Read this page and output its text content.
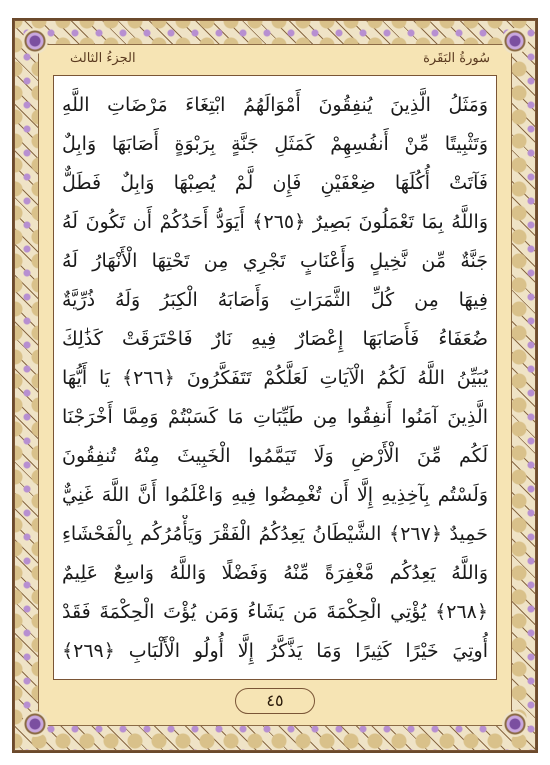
الجزءُ الثالث	سُورةُ البَقَرة
وَمَثَلُ الَّذِينَ يُنفِقُونَ أَمْوَالَهُمُ ابْتِغَاءَ مَرْضَاتِ اللَّهِ
وَتَثْبِيتًا مِّنْ أَنفُسِهِمْ كَمَثَلِ جَنَّةٍ بِرَبْوَةٍ أَصَابَهَا وَابِلٌ
فَآتَتْ أُكُلَهَا ضِعْفَيْنِ فَإِن لَّمْ يُصِبْهَا وَابِلٌ فَطَلٌّ
وَاللَّهُ بِمَا تَعْمَلُونَ بَصِيرٌ ﴿٢٦٥﴾ أَيَوَدُّ أَحَدُكُمْ أَن تَكُونَ لَهُ
جَنَّةٌ مِّن نَّخِيلٍ وَأَعْنَابٍ تَجْرِي مِن تَحْتِهَا الْأَنْهَارُ لَهُ
فِيهَا مِن كُلِّ الثَّمَرَاتِ وَأَصَابَهُ الْكِبَرُ وَلَهُ ذُرِّيَّةٌ
ضُعَفَاءُ فَأَصَابَهَا إِعْصَارٌ فِيهِ نَارٌ فَاحْتَرَقَتْ كَذَٰلِكَ
يُبَيِّنُ اللَّهُ لَكُمُ الْآيَاتِ لَعَلَّكُمْ تَتَفَكَّرُونَ ﴿٢٦٦﴾ يَا أَيُّهَا
الَّذِينَ آمَنُوا أَنفِقُوا مِن طَيِّبَاتِ مَا كَسَبْتُمْ وَمِمَّا أَخْرَجْنَا
لَكُم مِّنَ الْأَرْضِ وَلَا تَيَمَّمُوا الْخَبِيثَ مِنْهُ تُنفِقُونَ
وَلَسْتُم بِآخِذِيهِ إِلَّا أَن تُغْمِضُوا فِيهِ وَاعْلَمُوا أَنَّ اللَّهَ غَنِيٌّ
حَمِيدٌ ﴿٢٦٧﴾ الشَّيْطَانُ يَعِدُكُمُ الْفَقْرَ وَيَأْمُرُكُم بِالْفَحْشَاءِ
وَاللَّهُ يَعِدُكُم مَّغْفِرَةً مِّنْهُ وَفَضْلًا وَاللَّهُ وَاسِعٌ عَلِيمٌ
﴿٢٦٨﴾ يُؤْتِي الْحِكْمَةَ مَن يَشَاءُ وَمَن يُؤْتَ الْحِكْمَةَ فَقَدْ
أُوتِيَ خَيْرًا كَثِيرًا وَمَا يَذَّكَّرُ إِلَّا أُولُو الْأَلْبَابِ ﴿٢٦٩﴾
٤٥
